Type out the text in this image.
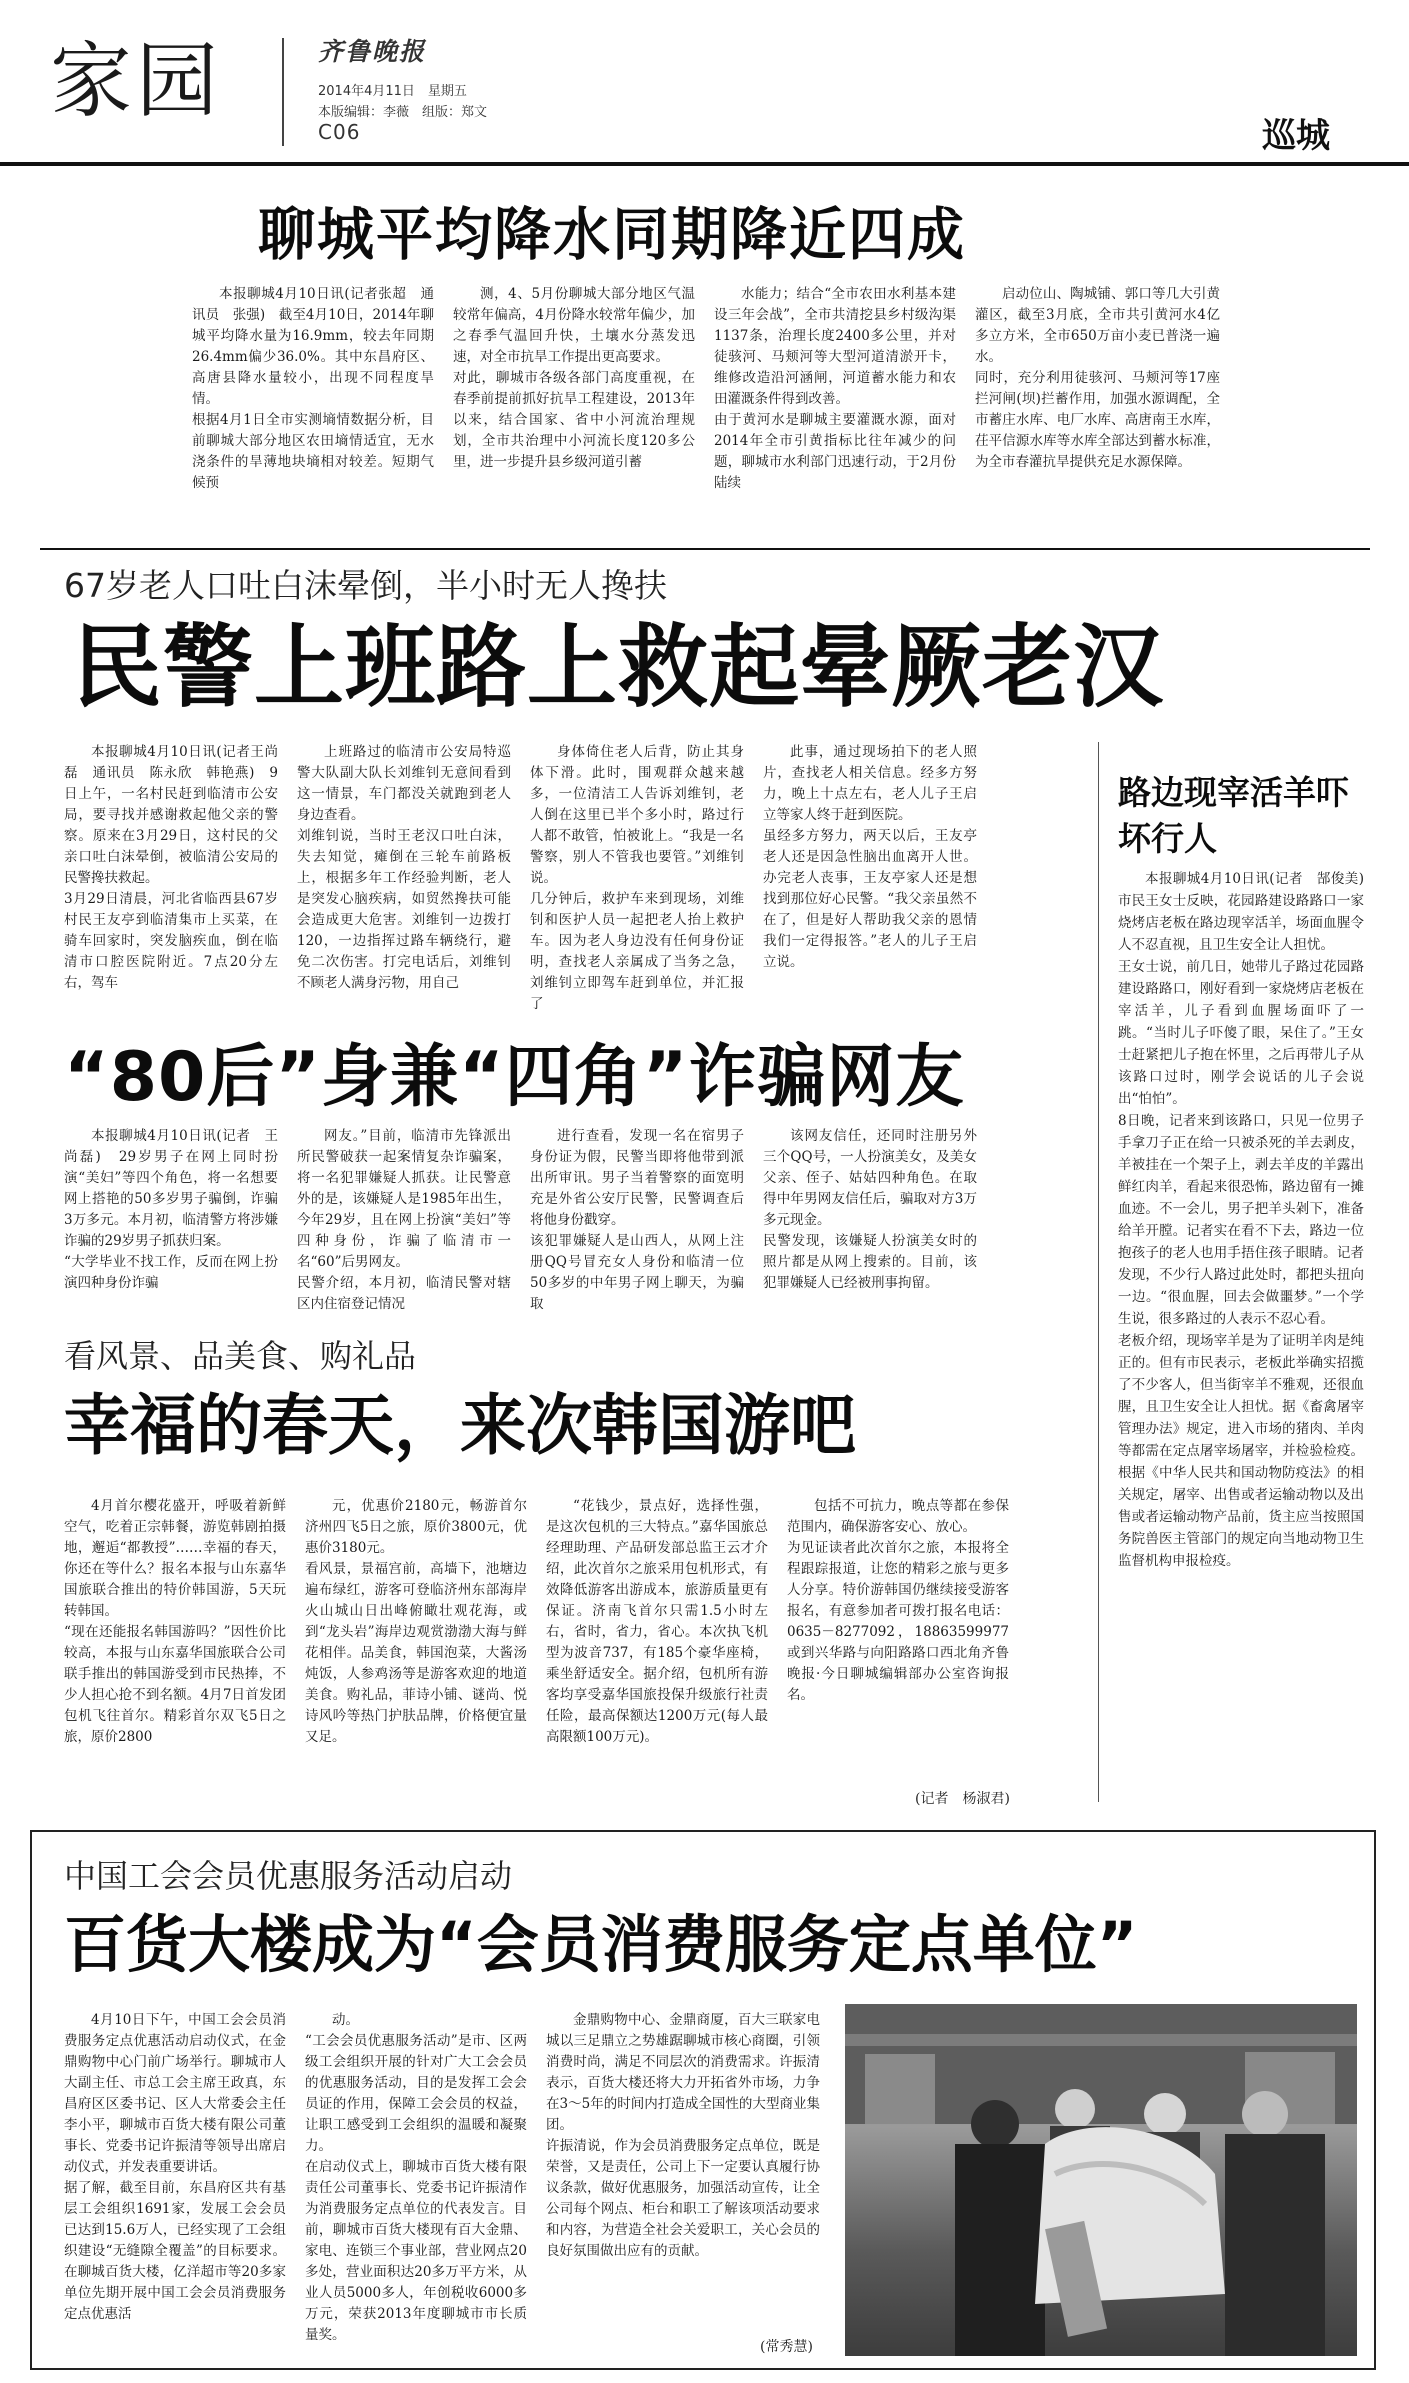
家园	齐鲁晚报
2014年4月11日　星期五
本版编辑：李薇　组版：郑文
C06	巡城
聊城平均降水同期降近四成

本报聊城4月10日讯(记者张超　通讯员　张强)　截至4月10日，2014年聊城平均降水量为16.9mm，较去年同期26.4mm偏少36.0%。其中东昌府区、高唐县降水量较小，出现不同程度旱情。
根据4月1日全市实测墒情数据分析，目前聊城大部分地区农田墒情适宜，无水浇条件的旱薄地块墒相对较差。短期气候预

测，4、5月份聊城大部分地区气温较常年偏高，4月份降水较常年偏少，加之春季气温回升快，土壤水分蒸发迅速，对全市抗旱工作提出更高要求。
对此，聊城市各级各部门高度重视，在春季前提前抓好抗旱工程建设，2013年以来，结合国家、省中小河流治理规划，全市共治理中小河流长度120多公里，进一步提升县乡级河道引蓄

水能力；结合“全市农田水利基本建设三年会战”，全市共清挖县乡村级沟渠1137条，治理长度2400多公里，并对徒骇河、马颊河等大型河道清淤开卡，维修改造沿河涵闸，河道蓄水能力和农田灌溉条件得到改善。
由于黄河水是聊城主要灌溉水源，面对2014年全市引黄指标比往年减少的问题，聊城市水利部门迅速行动，于2月份陆续

启动位山、陶城铺、郭口等几大引黄灌区，截至3月底，全市共引黄河水4亿多立方米，全市650万亩小麦已普浇一遍水。
同时，充分利用徒骇河、马颊河等17座拦河闸(坝)拦蓄作用，加强水源调配，全市蓄庄水库、电厂水库、高唐南王水库，茌平信源水库等水库全部达到蓄水标准，为全市春灌抗旱提供充足水源保障。

67岁老人口吐白沫晕倒，半小时无人搀扶
民警上班路上救起晕厥老汉

本报聊城4月10日讯(记者王尚磊　通讯员　陈永欣　韩艳燕)　9日上午，一名村民赶到临清市公安局，要寻找并感谢救起他父亲的警察。原来在3月29日，这村民的父亲口吐白沫晕倒，被临清公安局的民警搀扶救起。
3月29日清晨，河北省临西县67岁村民王友亭到临清集市上买菜，在骑车回家时，突发脑疾血，倒在临清市口腔医院附近。7点20分左右，驾车

上班路过的临清市公安局特巡警大队副大队长刘维钊无意间看到这一情景，车门都没关就跑到老人身边查看。
刘维钊说，当时王老汉口吐白沫，失去知觉，瘫倒在三轮车前路板上，根据多年工作经验判断，老人是突发心脑疾病，如贸然搀扶可能会造成更大危害。刘维钊一边拨打120，一边指挥过路车辆绕行，避免二次伤害。打完电话后，刘维钊不顾老人满身污物，用自己

身体倚住老人后背，防止其身体下滑。此时，围观群众越来越多，一位清洁工人告诉刘维钊，老人倒在这里已半个多小时，路过行人都不敢管，怕被讹上。“我是一名警察，别人不管我也要管。”刘维钊说。
几分钟后，救护车来到现场，刘维钊和医护人员一起把老人抬上救护车。因为老人身边没有任何身份证明，查找老人亲属成了当务之急，刘维钊立即驾车赶到单位，并汇报了

此事，通过现场拍下的老人照片，查找老人相关信息。经多方努力，晚上十点左右，老人儿子王启立等家人终于赶到医院。
虽经多方努力，两天以后，王友亭老人还是因急性脑出血离开人世。办完老人丧事，王友亭家人还是想找到那位好心民警。“我父亲虽然不在了，但是好人帮助我父亲的恩情我们一定得报答。”老人的儿子王启立说。

路边现宰活羊吓坏行人

本报聊城4月10日讯(记者　郜俊美)　市民王女士反映，花园路建设路路口一家烧烤店老板在路边现宰活羊，场面血腥令人不忍直视，且卫生安全让人担忧。
王女士说，前几日，她带儿子路过花园路建设路路口，刚好看到一家烧烤店老板在宰活羊，儿子看到血腥场面吓了一跳。“当时儿子吓傻了眼，呆住了。”王女士赶紧把儿子抱在怀里，之后再带儿子从该路口过时，刚学会说话的儿子会说出“怕怕”。
8日晚，记者来到该路口，只见一位男子手拿刀子正在给一只被杀死的羊去剥皮，羊被挂在一个架子上，剥去羊皮的羊露出鲜红肉羊，看起来很恐怖，路边留有一摊血迹。不一会儿，男子把羊头剁下，准备给羊开膛。记者实在看不下去，路边一位抱孩子的老人也用手捂住孩子眼睛。记者发现，不少行人路过此处时，都把头扭向一边。“很血腥，回去会做噩梦。”一个学生说，很多路过的人表示不忍心看。
老板介绍，现场宰羊是为了证明羊肉是纯正的。但有市民表示，老板此举确实招揽了不少客人，但当街宰羊不雅观，还很血腥，且卫生安全让人担忧。据《畜禽屠宰管理办法》规定，进入市场的猪肉、羊肉等都需在定点屠宰场屠宰，并检验检疫。根据《中华人民共和国动物防疫法》的相关规定，屠宰、出售或者运输动物以及出售或者运输动物产品前，货主应当按照国务院兽医主管部门的规定向当地动物卫生监督机构申报检疫。

“80后”身兼“四角”诈骗网友

本报聊城4月10日讯(记者　王尚磊)　29岁男子在网上同时扮演“美妇”等四个角色，将一名想要网上搭艳的50多岁男子骗倒，诈骗3万多元。本月初，临清警方将涉嫌诈骗的29岁男子抓获归案。
“大学毕业不找工作，反而在网上扮演四种身份诈骗

网友。”目前，临清市先锋派出所民警破获一起案情复杂诈骗案，将一名犯罪嫌疑人抓获。让民警意外的是，该嫌疑人是1985年出生，今年29岁，且在网上扮演“美妇”等四种身份，诈骗了临清市一名“60”后男网友。
民警介绍，本月初，临清民警对辖区内住宿登记情况

进行查看，发现一名在宿男子身份证为假，民警当即将他带到派出所审讯。男子当着警察的面宽明充是外省公安厅民警，民警调查后将他身份戳穿。
该犯罪嫌疑人是山西人，从网上注册QQ号冒充女人身份和临清一位50多岁的中年男子网上聊天，为骗取

该网友信任，还同时注册另外三个QQ号，一人扮演美女，及美女父亲、侄子、姑姑四种角色。在取得中年男网友信任后，骗取对方3万多元现金。
民警发现，该嫌疑人扮演美女时的照片都是从网上搜索的。目前，该犯罪嫌疑人已经被刑事拘留。

看风景、品美食、购礼品
幸福的春天，来次韩国游吧

4月首尔樱花盛开，呼吸着新鲜空气，吃着正宗韩餐，游览韩剧拍摄地，邂逅“都教授”……幸福的春天，你还在等什么？报名本报与山东嘉华国旅联合推出的特价韩国游，5天玩转韩国。
“现在还能报名韩国游吗？”因性价比较高，本报与山东嘉华国旅联合公司联手推出的韩国游受到市民热捧，不少人担心抢不到名额。4月7日首发团包机飞往首尔。精彩首尔双飞5日之旅，原价2800

元，优惠价2180元，畅游首尔济州四飞5日之旅，原价3800元，优惠价3180元。
看风景，景福宫前，高墙下，池塘边遍布绿红，游客可登临济州东部海岸火山城山日出峰俯瞰壮观花海，或到“龙头岩”海岸边观赏渤渤大海与鲜花相伴。品美食，韩国泡菜，大酱汤炖饭，人参鸡汤等是游客欢迎的地道美食。购礼品，菲诗小铺、谜尚、悦诗风吟等热门护肤品牌，价格便宜量又足。

“花钱少，景点好，选择性强，是这次包机的三大特点。”嘉华国旅总经理助理、产品研发部总监王云才介绍，此次首尔之旅采用包机形式，有效降低游客出游成本，旅游质量更有保证。济南飞首尔只需1.5小时左右，省时，省力，省心。本次执飞机型为波音737，有185个豪华座椅，乘坐舒适安全。据介绍，包机所有游客均享受嘉华国旅投保升级旅行社责任险，最高保额达1200万元(每人最高限额100万元)。

包括不可抗力，晚点等都在参保范围内，确保游客安心、放心。
为见证读者此次首尔之旅，本报将全程跟踪报道，让您的精彩之旅与更多人分享。特价游韩国仍继续接受游客报名，有意参加者可拨打报名电话：0635－8277092，18863599977或到兴华路与向阳路路口西北角齐鲁晚报·今日聊城编辑部办公室咨询报名。

(记者　杨淑君)
中国工会会员优惠服务活动启动
百货大楼成为“会员消费服务定点单位”

4月10日下午，中国工会会员消费服务定点优惠活动启动仪式，在金鼎购物中心门前广场举行。聊城市人大副主任、市总工会主席王政真，东昌府区区委书记、区人大常委会主任李小平，聊城市百货大楼有限公司董事长、党委书记许振清等领导出席启动仪式，并发表重要讲话。
据了解，截至目前，东昌府区共有基层工会组织1691家，发展工会会员已达到15.6万人，已经实现了工会组织建设“无缝隙全覆盖”的目标要求。在聊城百货大楼，亿洋超市等20多家单位先期开展中国工会会员消费服务定点优惠活

动。
“工会会员优惠服务活动”是市、区两级工会组织开展的针对广大工会会员的优惠服务活动，目的是发挥工会会员证的作用，保障工会会员的权益，让职工感受到工会组织的温暖和凝聚力。
在启动仪式上，聊城市百货大楼有限责任公司董事长、党委书记许振清作为消费服务定点单位的代表发言。目前，聊城市百货大楼现有百大金鼎、家电、连锁三个事业部，营业网点20多处，营业面积达20多万平方米，从业人员5000多人，年创税收6000多万元，荣获2013年度聊城市市长质量奖。

金鼎购物中心、金鼎商厦，百大三联家电城以三足鼎立之势雄踞聊城市核心商圈，引领消费时尚，满足不同层次的消费需求。许振清表示，百货大楼还将大力开拓省外市场，力争在3～5年的时间内打造成全国性的大型商业集团。
许振清说，作为会员消费服务定点单位，既是荣誉，又是责任，公司上下一定要认真履行协议条款，做好优惠服务，加强活动宣传，让全公司每个网点、柜台和职工了解该项活动要求和内容，为营造全社会关爱职工，关心会员的良好氛围做出应有的贡献。

(常秀慧)
